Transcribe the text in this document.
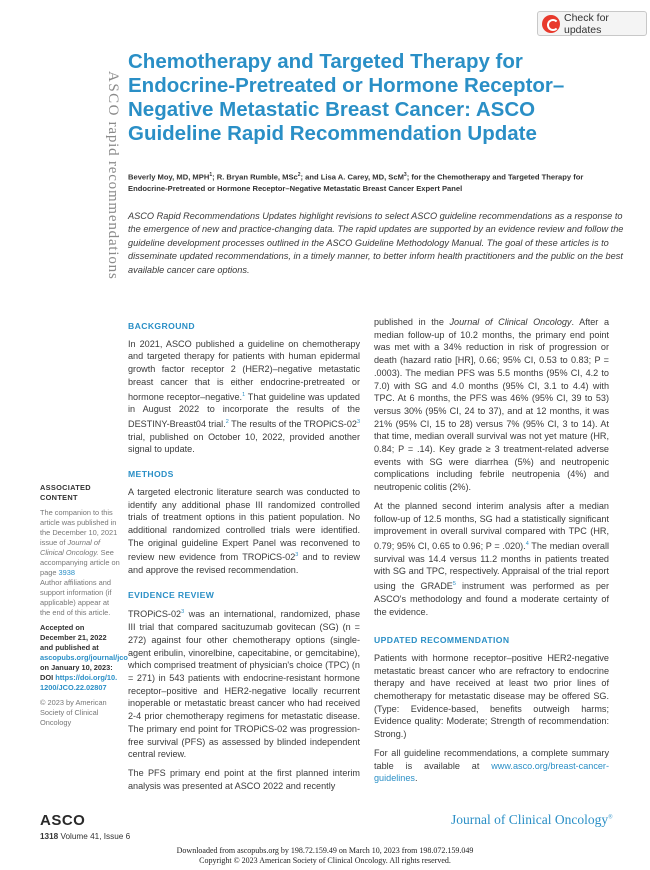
Check for updates
ASCO rapid recommendations
Chemotherapy and Targeted Therapy for
Endocrine-Pretreated or Hormone Receptor–
Negative Metastatic Breast Cancer: ASCO
Guideline Rapid Recommendation Update
Beverly Moy, MD, MPH$^1$; R. Bryan Rumble, MSc$^2$; and Lisa A. Carey, MD, ScM$^3$; for the Chemotherapy and Targeted Therapy for
Endocrine-Pretreated or Hormone Receptor–Negative Metastatic Breast Cancer Expert Panel
ASCO Rapid Recommendations Updates highlight revisions to select ASCO guideline recommendations as a response to the emergence of new and practice-changing data. The rapid updates are supported by an evidence review and follow the guideline development processes outlined in the ASCO Guideline Methodology Manual. The goal of these articles is to disseminate updated recommendations, in a timely manner, to better inform health practitioners and the public on the best available cancer care options.
ASSOCIATED
CONTENT
The companion to this article was published in the December 10, 2021 issue of Journal of Clinical Oncology. See accompanying article on page 3938
Author affiliations and support information (if applicable) appear at the end of this article.
Accepted on December 21, 2022 and published at ascopubs.org/journal/jco on January 10, 2023: DOI https://doi.org/10.1200/JCO.22.02807
© 2023 by American Society of Clinical Oncology
BACKGROUND

In 2021, ASCO published a guideline on chemotherapy and targeted therapy for patients with human epidermal growth factor receptor 2 (HER2)–negative metastatic breast cancer that is either endocrine-pretreated or hormone receptor–negative.$^1$ That guideline was updated in August 2022 to incorporate the results of the DESTINY-Breast04 trial.$^2$ The results of the TROPiCS-$02^3$ trial, published on October 10, 2022, provided another signal to update.

METHODS

A targeted electronic literature search was conducted to identify any additional phase III randomized controlled trials of treatment options in this patient population. No additional randomized controlled trials were identified. The original guideline Expert Panel was reconvened to review new evidence from TROPiCS-$02^3$ and to review and approve the revised recommendation.

EVIDENCE REVIEW

TROPiCS-$02^3$ was an international, randomized, phase III trial that compared sacituzumab govitecan (SG) (n = 272) against four other chemotherapy options (single-agent eribulin, vinorelbine, capecitabine, or gemcitabine), which comprised treatment of physician's choice (TPC) (n = 271) in 543 patients with endocrine-resistant hormone receptor–positive and HER2-negative locally recurrent inoperable or metastatic breast cancer who had received 2-4 prior chemotherapy regimens for metastatic disease. The primary end point for TROPiCS-02 was progression-free survival (PFS) as assessed by blinded independent central review.

The PFS primary end point at the first planned interim analysis was presented at ASCO 2022 and recently

published in the Journal of Clinical Oncology. After a median follow-up of 10.2 months, the primary end point was met with a 34% reduction in risk of progression or death (hazard ratio [HR], 0.66; 95% CI, 0.53 to 0.83; P = .0003). The median PFS was 5.5 months (95% CI, 4.2 to 7.0) with SG and 4.0 months (95% CI, 3.1 to 4.4) with TPC. At 6 months, the PFS was 46% (95% CI, 39 to 53) versus 30% (95% CI, 24 to 37), and at 12 months, it was 21% (95% CI, 15 to 28) versus 7% (95% CI, 3 to 14). At that time, median overall survival was not yet mature (HR, 0.84; P = .14). Key grade ≥ 3 treatment-related adverse events with SG were diarrhea (5%) and neutropenic complications including febrile neutropenia (4%) and neutropenic colitis (2%).

At the planned second interim analysis after a median follow-up of 12.5 months, SG had a statistically significant improvement in overall survival compared with TPC (HR, 0.79; 95% CI, 0.65 to 0.96; P = .020).$^4$ The median overall survival was 14.4 versus 11.2 months in patients treated with SG and TPC, respectively. Appraisal of the trial report using the GRADE$^5$ instrument was performed as per ASCO's methodology and found a moderate certainty of the evidence.

UPDATED RECOMMENDATION

Patients with hormone receptor–positive HER2-negative metastatic breast cancer who are refractory to endocrine therapy and have received at least two prior lines of chemotherapy for metastatic disease may be offered SG. (Type: Evidence-based, benefits outweigh harms; Evidence quality: Moderate; Strength of recommendation: Strong.)

For all guideline recommendations, a complete summary table is available at www.asco.org/breast-cancer-guidelines.

ASCO
1318 Volume 41, Issue 6
Journal of Clinical Oncology®
Downloaded from ascopubs.org by 198.72.159.49 on March 10, 2023 from 198.072.159.049
Copyright © 2023 American Society of Clinical Oncology. All rights reserved.
